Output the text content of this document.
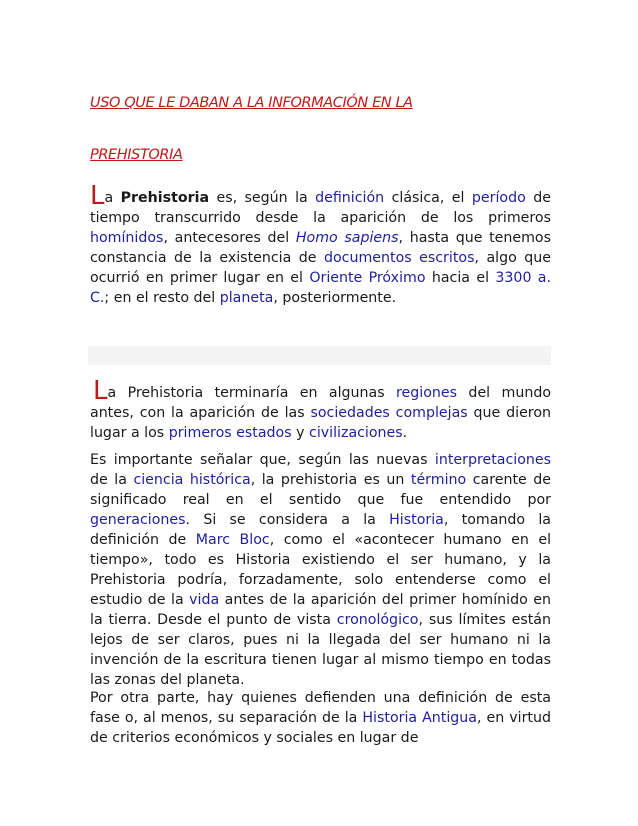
USO QUE LE DABAN A LA INFORMACIÓN EN LA
PREHISTORIA

La Prehistoria es, según la definición clásica, el período de tiempo transcurrido desde la aparición de los primeros homínidos, antecesores del Homo sapiens, hasta que tenemos constancia de la existencia de documentos escritos, algo que ocurrió en primer lugar en el Oriente Próximo hacia el 3300 a. C.; en el resto del planeta, posteriormente.

La Prehistoria terminaría en algunas regiones del mundo antes, con la aparición de las sociedades complejas que dieron lugar a los primeros estados y civilizaciones.

Es importante señalar que, según las nuevas interpretaciones de la ciencia histórica, la prehistoria es un término carente de significado real en el sentido que fue entendido por generaciones. Si se considera a la Historia, tomando la definición de Marc Bloc, como el «acontecer humano en el tiempo», todo es Historia existiendo el ser humano, y la Prehistoria podría, forzadamente, solo entenderse como el estudio de la vida antes de la aparición del primer homínido en la tierra. Desde el punto de vista cronológico, sus límites están lejos de ser claros, pues ni la llegada del ser humano ni la invención de la escritura tienen lugar al mismo tiempo en todas las zonas del planeta.

Por otra parte, hay quienes defienden una definición de esta fase o, al menos, su separación de la Historia Antigua, en virtud de criterios económicos y sociales en lugar de
